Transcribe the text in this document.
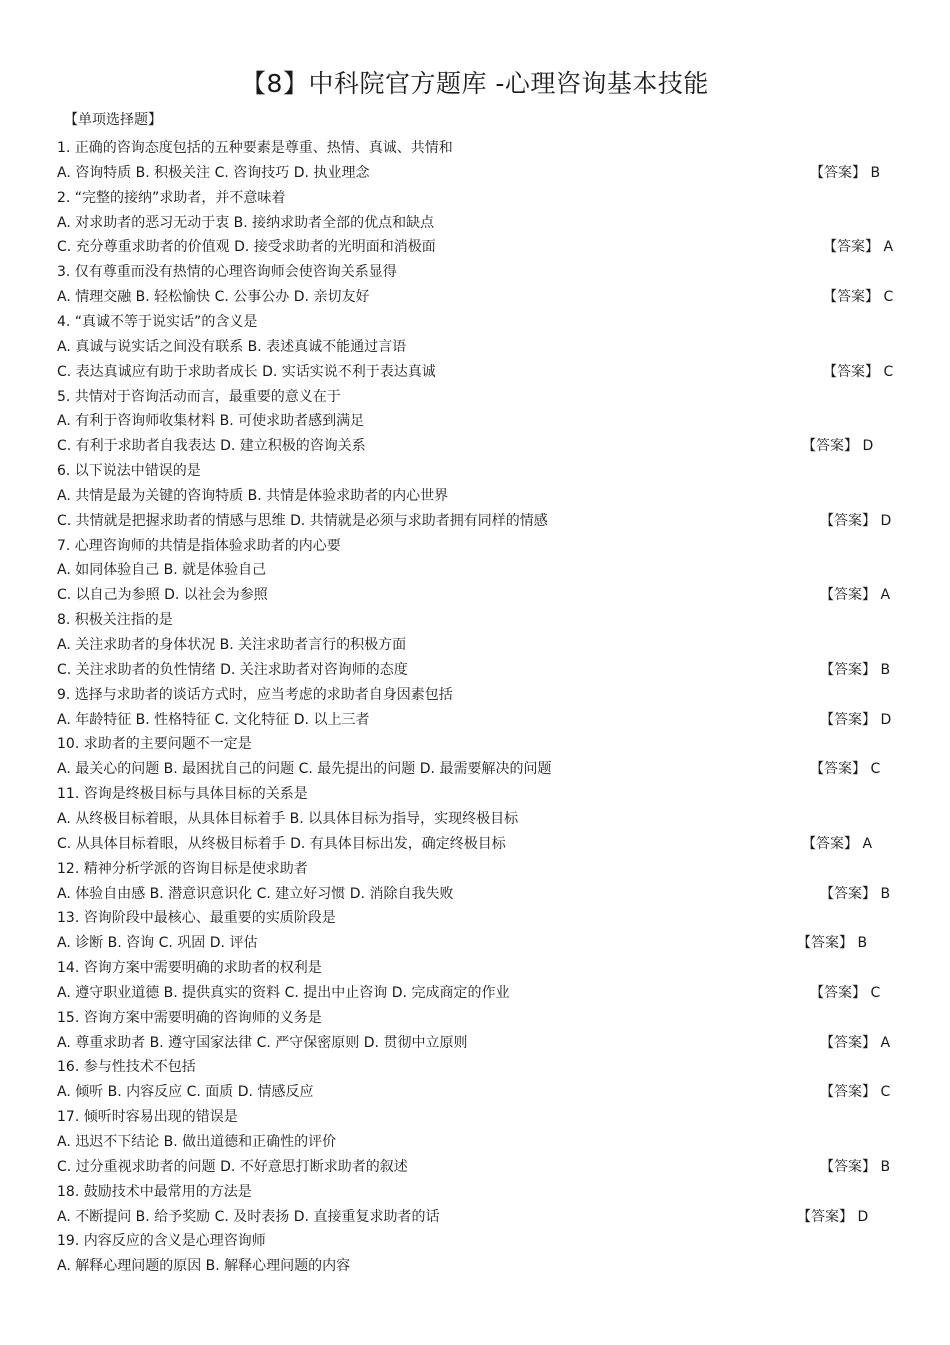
【8】中科院官方题库 -心理咨询基本技能
【单项选择题】
1. 正确的咨询态度包括的五种要素是尊重、热情、真诚、共情和
A. 咨询特质 B. 积极关注 C. 咨询技巧 D. 执业理念	【答案】 B
2. “完整的接纳”求助者，并不意味着
A. 对求助者的恶习无动于衷 B. 接纳求助者全部的优点和缺点
C. 充分尊重求助者的价值观 D. 接受求助者的光明面和消极面	【答案】 A
3. 仅有尊重而没有热情的心理咨询师会使咨询关系显得
A. 情理交融 B. 轻松愉快 C. 公事公办 D. 亲切友好	【答案】 C
4. “真诚不等于说实话”的含义是
A. 真诚与说实话之间没有联系 B. 表述真诚不能通过言语
C. 表达真诚应有助于求助者成长 D. 实话实说不利于表达真诚	【答案】 C
5. 共情对于咨询活动而言，最重要的意义在于
A. 有利于咨询师收集材料 B. 可使求助者感到满足
C. 有利于求助者自我表达 D. 建立积极的咨询关系	【答案】 D
6. 以下说法中错误的是
A. 共情是最为关键的咨询特质 B. 共情是体验求助者的内心世界
C. 共情就是把握求助者的情感与思维 D. 共情就是必须与求助者拥有同样的情感	【答案】 D
7. 心理咨询师的共情是指体验求助者的内心要
A. 如同体验自己 B. 就是体验自己
C. 以自己为参照 D. 以社会为参照	【答案】 A
8. 积极关注指的是
A. 关注求助者的身体状况 B. 关注求助者言行的积极方面
C. 关注求助者的负性情绪 D. 关注求助者对咨询师的态度	【答案】 B
9. 选择与求助者的谈话方式时，应当考虑的求助者自身因素包括
A. 年龄特征 B. 性格特征 C. 文化特征 D. 以上三者	【答案】 D
10. 求助者的主要问题不一定是
A. 最关心的问题 B. 最困扰自己的问题 C. 最先提出的问题 D. 最需要解决的问题	【答案】 C
11. 咨询是终极目标与具体目标的关系是
A. 从终极目标着眼，从具体目标着手 B. 以具体目标为指导，实现终极目标
C. 从具体目标着眼，从终极目标着手 D. 有具体目标出发，确定终极目标	【答案】 A
12. 精神分析学派的咨询目标是使求助者
A. 体验自由感 B. 潜意识意识化 C. 建立好习惯 D. 消除自我失败	【答案】 B
13. 咨询阶段中最核心、最重要的实质阶段是
A. 诊断 B. 咨询 C. 巩固 D. 评估	【答案】 B
14. 咨询方案中需要明确的求助者的权利是
A. 遵守职业道德 B. 提供真实的资料 C. 提出中止咨询 D. 完成商定的作业	【答案】 C
15. 咨询方案中需要明确的咨询师的义务是
A. 尊重求助者 B. 遵守国家法律 C. 严守保密原则 D. 贯彻中立原则	【答案】 A
16. 参与性技术不包括
A. 倾听 B. 内容反应 C. 面质 D. 情感反应	【答案】 C
17. 倾听时容易出现的错误是
A. 迅迟不下结论 B. 做出道德和正确性的评价
C. 过分重视求助者的问题 D. 不好意思打断求助者的叙述	【答案】 B
18. 鼓励技术中最常用的方法是
A. 不断提问 B. 给予奖励 C. 及时表扬 D. 直接重复求助者的话	【答案】 D
19. 内容反应的含义是心理咨询师
A. 解释心理问题的原因 B. 解释心理问题的内容
